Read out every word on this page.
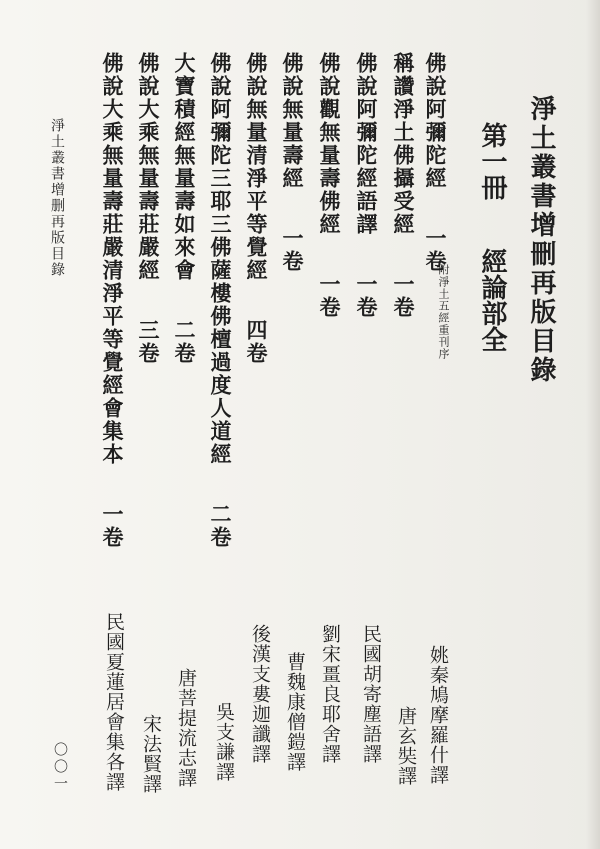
淨土叢書增刪再版目錄
第一冊經論部全
佛說阿彌陀經 一卷
附淨土五經重刊序
姚秦鳩摩羅什譯
稱讚淨土佛攝受經 一卷
唐玄奘譯
佛說阿彌陀經語譯 一卷
民國胡寄塵語譯
佛說觀無量壽佛經 一卷
劉宋畺良耶舍譯
佛說無量壽經 一卷
曹魏康僧鎧譯
佛說無量清淨平等覺經 四卷
後漢支婁迦讖譯
佛說阿彌陀三耶三佛薩樓佛檀過度人道經 二卷
吳支謙譯
大寶積經無量壽如來會 二卷
唐菩提流志譯
佛說大乘無量壽莊嚴經 三卷
宋法賢譯
佛說大乘無量壽莊嚴清淨平等覺經會集本 一卷
民國夏蓮居會集各譯
淨土叢書增删再版目錄
〇〇一
